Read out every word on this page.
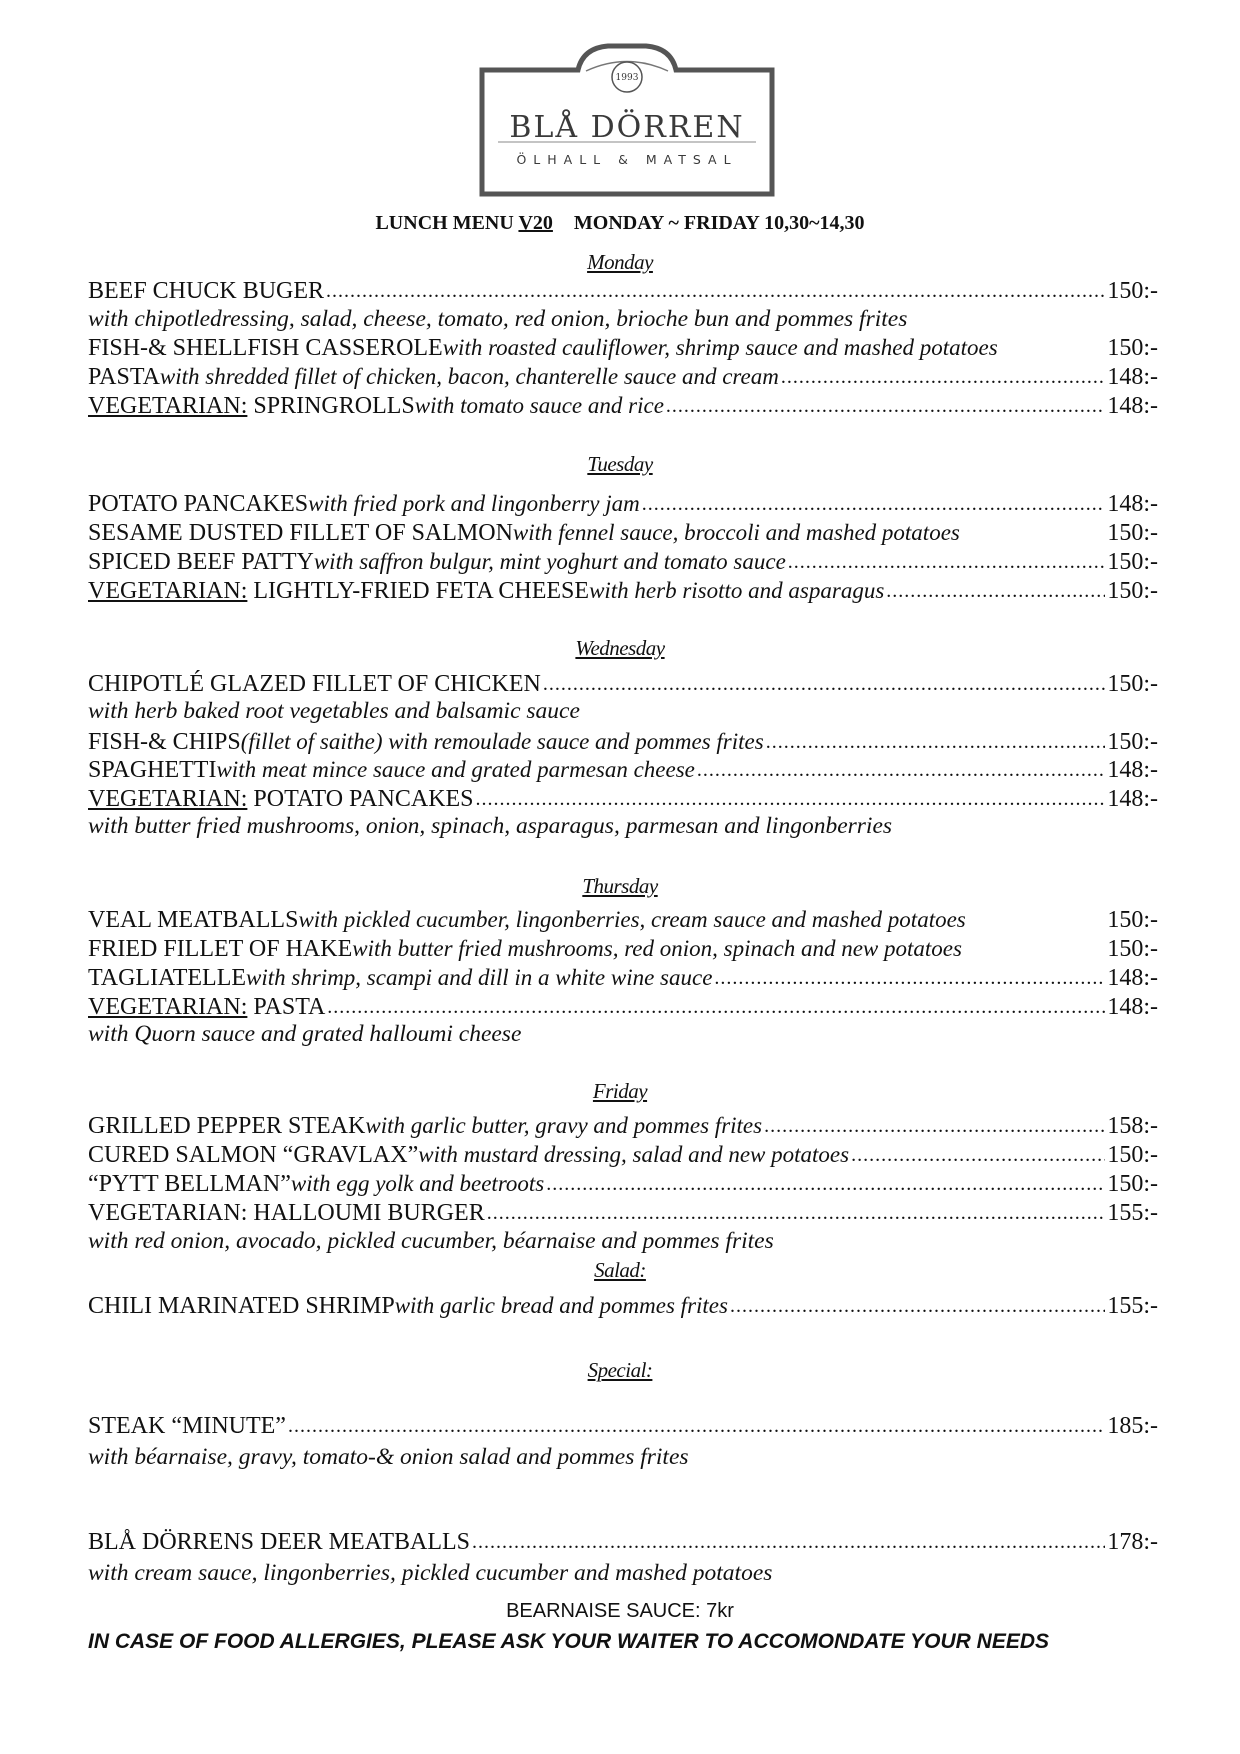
1993
BLÅ DÖRREN
ÖLHALL & MATSAL
LUNCH MENU V20 MONDAY ~ FRIDAY 10,30~14,30
Monday
BEEF CHUCK BUGER .....	150:-
with chipotledressing, salad, cheese, tomato, red onion, brioche bun and pommes frites
FISH-& SHELLFISH CASSEROLE with roasted cauliflower, shrimp sauce and mashed potatoes	150:-
PASTA with shredded fillet of chicken, bacon, chanterelle sauce and cream .....	148:-
VEGETARIAN: SPRINGROLLS with tomato sauce and rice .....	148:-
Tuesday
POTATO PANCAKES with fried pork and lingonberry jam .....	148:-
SESAME DUSTED FILLET OF SALMON with fennel sauce, broccoli and mashed potatoes	150:-
SPICED BEEF PATTY with saffron bulgur, mint yoghurt and tomato sauce .....	150:-
VEGETARIAN: LIGHTLY-FRIED FETA CHEESE with herb risotto and asparagus .....	150:-
Wednesday
CHIPOTLÉ GLAZED FILLET OF CHICKEN .....	150:-
with herb baked root vegetables and balsamic sauce
FISH-& CHIPS (fillet of saithe) with remoulade sauce and pommes frites .....	150:-
SPAGHETTI with meat mince sauce and grated parmesan cheese .....	148:-
VEGETARIAN: POTATO PANCAKES .....	148:-
with butter fried mushrooms, onion, spinach, asparagus, parmesan and lingonberries
Thursday
VEAL MEATBALLS with pickled cucumber, lingonberries, cream sauce and mashed potatoes	150:-
FRIED FILLET OF HAKE with butter fried mushrooms, red onion, spinach and new potatoes	150:-
TAGLIATELLE with shrimp, scampi and dill in a white wine sauce .....	148:-
VEGETARIAN: PASTA .....	148:-
with Quorn sauce and grated halloumi cheese
Friday
GRILLED PEPPER STEAK with garlic butter, gravy and pommes frites .....	158:-
CURED SALMON “GRAVLAX” with mustard dressing, salad and new potatoes .....	150:-
“PYTT BELLMAN” with egg yolk and beetroots .....	150:-
VEGETARIAN: HALLOUMI BURGER .....	155:-
with red onion, avocado, pickled cucumber, béarnaise and pommes frites
Salad:
CHILI MARINATED SHRIMP with garlic bread and pommes frites .....	155:-
Special:
STEAK “MINUTE” .....	185:-
with béarnaise, gravy, tomato-& onion salad and pommes frites
BLÅ DÖRRENS DEER MEATBALLS .....	178:-
with cream sauce, lingonberries, pickled cucumber and mashed potatoes
BEARNAISE SAUCE: 7kr
IN CASE OF FOOD ALLERGIES, PLEASE ASK YOUR WAITER TO ACCOMONDATE YOUR NEEDS
